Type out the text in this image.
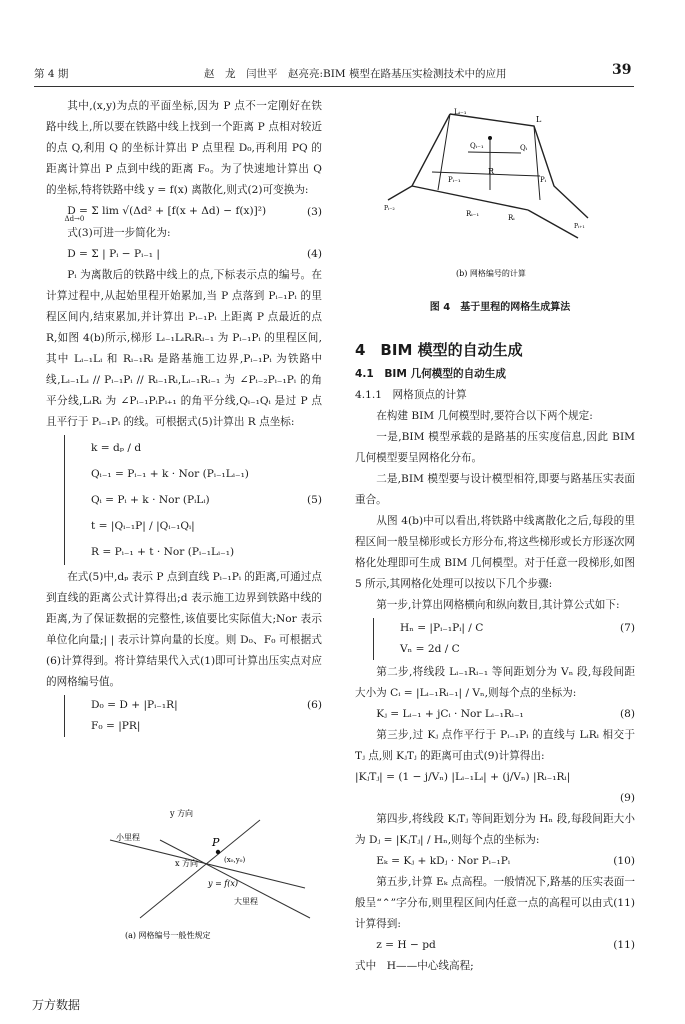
第 4 期	赵　龙　闫世平　赵亮亮:BIM 模型在路基压实检测技术中的应用	39

其中,(x,y)为点的平面坐标,因为 P 点不一定刚好在铁路中线上,所以要在铁路中线上找到一个距离 P 点相对较近的点 Q,利用 Q 的坐标计算出 P 点里程 D₀,再利用 PQ 的距离计算出 P 点到中线的距离 F₀。为了快速地计算出 Q 的坐标,特将铁路中线 y = f(x) 离散化,则式(2)可变换为:

D = Σ lim √(Δd² + [f(x + Δd) − f(x)]²) $_{\Delta d\to 0}$
(3)

式(3)可进一步简化为:

D = Σ | Pᵢ − Pᵢ₋₁ |	(4)

Pᵢ 为离散后的铁路中线上的点,下标表示点的编号。在计算过程中,从起始里程开始累加,当 P 点落到 Pᵢ₋₁Pᵢ 的里程区间内,结束累加,并计算出 Pᵢ₋₁Pᵢ 上距离 P 点最近的点 R,如图 4(b)所示,梯形 Lᵢ₋₁LᵢRᵢRᵢ₋₁ 为 Pᵢ₋₁Pᵢ 的里程区间,其中 Lᵢ₋₁Lᵢ 和 Rᵢ₋₁Rᵢ 是路基施工边界,Pᵢ₋₁Pᵢ 为铁路中线,Lᵢ₋₁Lᵢ // Pᵢ₋₁Pᵢ // Rᵢ₋₁Rᵢ,Lᵢ₋₁Rᵢ₋₁ 为 ∠Pᵢ₋₂Pᵢ₋₁Pᵢ 的角平分线,LᵢRᵢ 为 ∠Pᵢ₋₁PᵢPᵢ₊₁ 的角平分线,Qᵢ₋₁Qᵢ 是过 P 点且平行于 Pᵢ₋₁Pᵢ 的线。可根据式(5)计算出 R 点坐标:

k = dₚ / d
Qᵢ₋₁ = Pᵢ₋₁ + k · Nor (Pᵢ₋₁Lᵢ₋₁)
Qᵢ = Pᵢ + k · Nor (PᵢLᵢ)	(5)
t = |Qᵢ₋₁P| / |Qᵢ₋₁Qᵢ|
R = Pᵢ₋₁ + t · Nor (Pᵢ₋₁Lᵢ₋₁)

在式(5)中,dₚ 表示 P 点到直线 Pᵢ₋₁Pᵢ 的距离,可通过点到直线的距离公式计算得出;d 表示施工边界到铁路中线的距离,为了保证数据的完整性,该值要比实际值大;Nor 表示单位化向量;| | 表示计算向量的长度。则 D₀、F₀ 可根据式(6)计算得到。将计算结果代入式(1)即可计算出压实点对应的网格编号值。

D₀ = D + |Pᵢ₋₁R|	(6)
F₀ = |PR|
y 方向
小里程
x 方向
P
(x₀,y₀)
y = f(x)
大里程
(a) 网格编号一般性规定
Lᵢ₋₁
L
Qᵢ₋₁	Qᵢ
R
Pᵢ₋₁	Pᵢ
Pᵢ₋₂
Rᵢ₋₁	Rᵢ
Pᵢ₊₁
(b) 网格编号的计算
图 4　基于里程的网格生成算法

4　BIM 模型的自动生成

4.1　BIM 几何模型的自动生成

4.1.1　网格顶点的计算

在构建 BIM 几何模型时,要符合以下两个规定:

一是,BIM 模型承载的是路基的压实度信息,因此 BIM 几何模型要呈网格化分布。

二是,BIM 模型要与设计模型相符,即要与路基压实表面重合。

从图 4(b)中可以看出,将铁路中线离散化之后,每段的里程区间一般呈梯形或长方形分布,将这些梯形或长方形逐次网格化处理即可生成 BIM 几何模型。对于任意一段梯形,如图 5 所示,其网格化处理可以按以下几个步骤:

第一步,计算出网格横向和纵向数目,其计算公式如下:

Hₙ = |Pᵢ₋₁Pᵢ| / C	(7)
Vₙ = 2d / C

第二步,将线段 Lᵢ₋₁Rᵢ₋₁ 等间距划分为 Vₙ 段,每段间距大小为 Cᵢ = |Lᵢ₋₁Rᵢ₋₁| / Vₙ,则每个点的坐标为:

Kⱼ = Lᵢ₋₁ + jCᵢ · Nor Lᵢ₋₁Rᵢ₋₁	(8)

第三步,过 Kⱼ 点作平行于 Pᵢ₋₁Pᵢ 的直线与 LᵢRᵢ 相交于 Tⱼ 点,则 KⱼTⱼ 的距离可由式(9)计算得出:

|KⱼTⱼ| = (1 − j/Vₙ) |Lᵢ₋₁Lᵢ| + (j/Vₙ) |Rᵢ₋₁Rᵢ|
(9)

第四步,将线段 KⱼTⱼ 等间距划分为 Hₙ 段,每段间距大小为 Dⱼ = |KⱼTⱼ| / Hₙ,则每个点的坐标为:

Eₖ = Kⱼ + kDⱼ · Nor Pᵢ₋₁Pᵢ	(10)

第五步,计算 Eₖ 点高程。一般情况下,路基的压实表面一般呈“⌃”字分布,则里程区间内任意一点的高程可以由式(11)计算得到:

z = H − pd	(11)

式中　H——中心线高程;

万方数据
